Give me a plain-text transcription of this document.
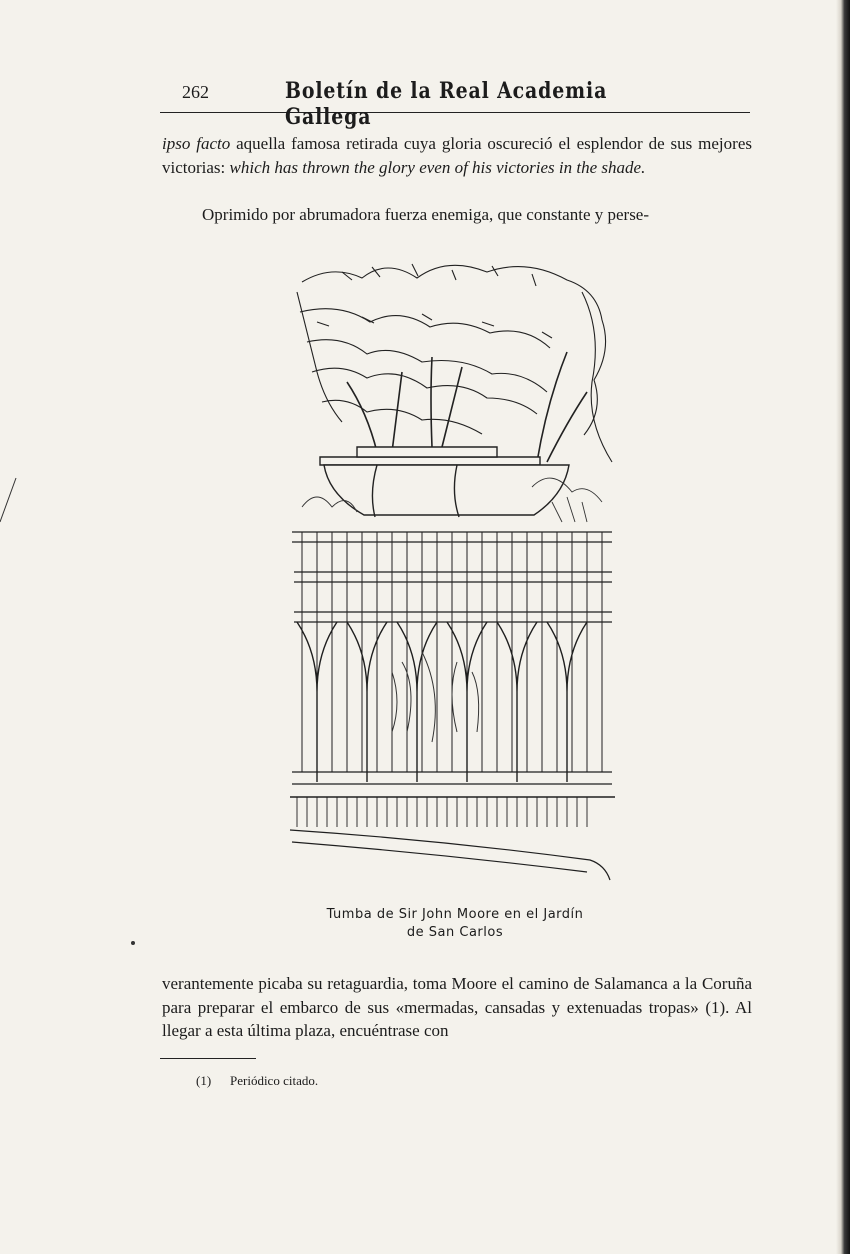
262	Boletín de la Real Academia Gallega

ipso facto aquella famosa retirada cuya gloria oscureció el esplendor de sus mejores victorias: which has thrown the glory even of his victories in the shade.

Oprimido por abrumadora fuerza enemiga, que constante y perse-

Tumba de Sir John Moore en el Jardín
de San Carlos

verantemente picaba su retaguardia, toma Moore el camino de Salamanca a la Coruña para preparar el embarco de sus «mermadas, cansadas y extenuadas tropas» (1). Al llegar a esta última plaza, encuéntrase con

(1) Periódico citado.
